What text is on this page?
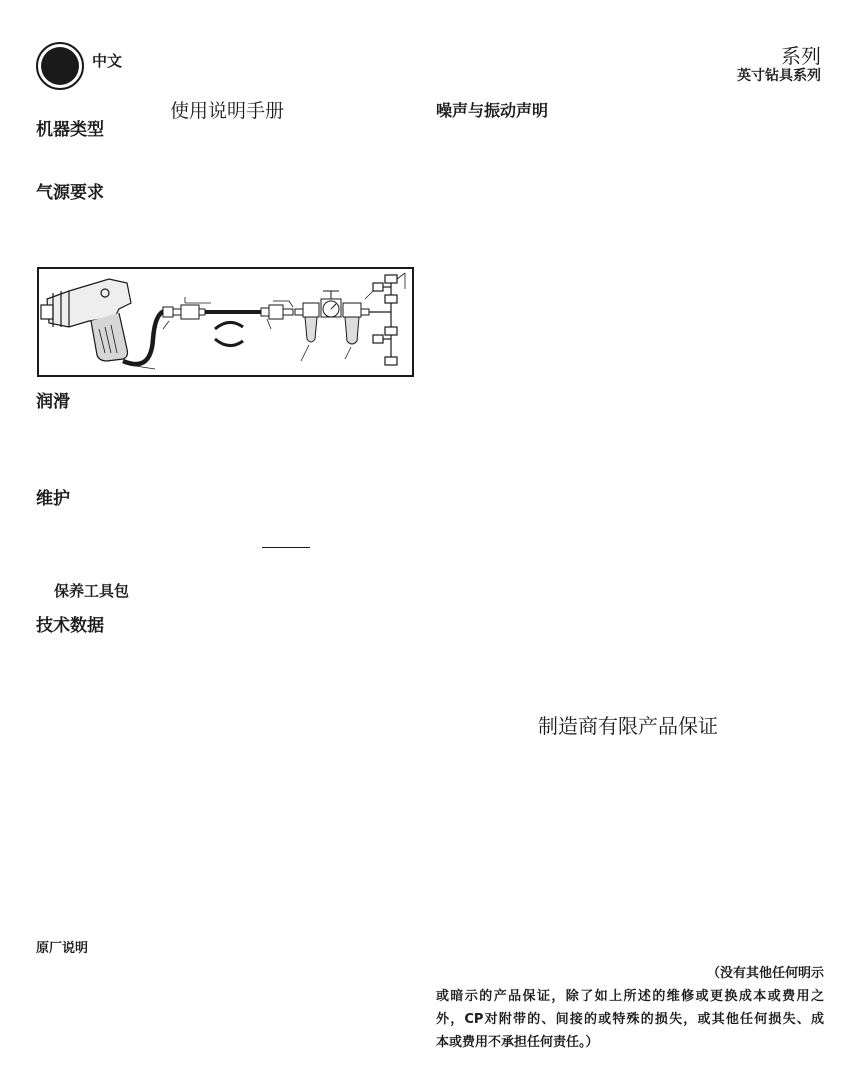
中文	系列
英寸钻具系列
使用说明手册
机器类型
气源要求
润滑
维护
保养工具包
技术数据
原厂说明
噪声与振动声明
制造商有限产品保证
（没有其他任何明示
或暗示的产品保证，除了如上所述的维修或更换成本或费用之
外，CP对附带的、间接的或特殊的损失，或其他任何损失、成
本或费用不承担任何责任。）
